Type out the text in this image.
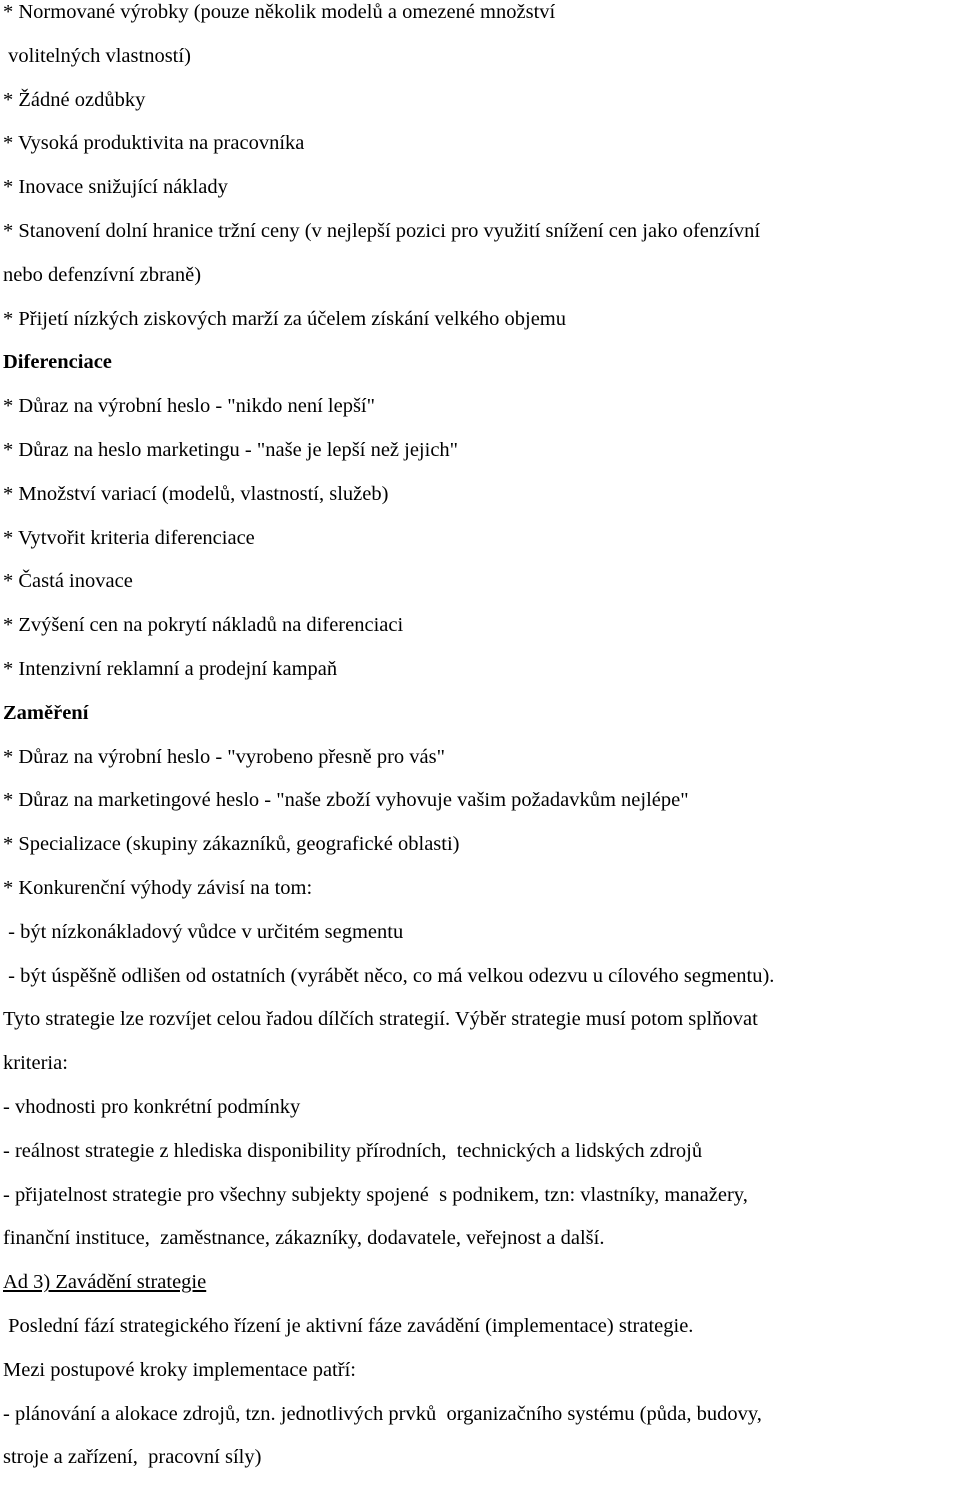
* Normované výrobky (pouze několik modelů a omezené množství
volitelných vlastností)
* Žádné ozdůbky
* Vysoká produktivita na pracovníka
* Inovace snižující náklady
* Stanovení dolní hranice tržní ceny (v nejlepší pozici pro využití snížení cen jako ofenzívní
nebo defenzívní zbraně)
* Přijetí nízkých ziskových marží za účelem získání velkého objemu
Diferenciace
* Důraz na výrobní heslo - "nikdo není lepší"
* Důraz na heslo marketingu - "naše je lepší než jejich"
* Množství variací (modelů, vlastností, služeb)
* Vytvořit kriteria diferenciace
* Častá inovace
* Zvýšení cen na pokrytí nákladů na diferenciaci
* Intenzivní reklamní a prodejní kampaň
Zaměření
* Důraz na výrobní heslo - "vyrobeno přesně pro vás"
* Důraz na marketingové heslo - "naše zboží vyhovuje vašim požadavkům nejlépe"
* Specializace (skupiny zákazníků, geografické oblasti)
* Konkurenční výhody závisí na tom:
- být nízkonákladový vůdce v určitém segmentu
- být úspěšně odlišen od ostatních (vyrábět něco, co má velkou odezvu u cílového segmentu).
Tyto strategie lze rozvíjet celou řadou dílčích strategií. Výběr strategie musí potom splňovat
kriteria:
- vhodnosti pro konkrétní podmínky
- reálnost strategie z hlediska disponibility přírodních,  technických a lidských zdrojů
- přijatelnost strategie pro všechny subjekty spojené  s podnikem, tzn: vlastníky, manažery,
finanční instituce,  zaměstnance, zákazníky, dodavatele, veřejnost a další.
Ad 3) Zavádění strategie
Poslední fází strategického řízení je aktivní fáze zavádění (implementace) strategie.
Mezi postupové kroky implementace patří:
- plánování a alokace zdrojů, tzn. jednotlivých prvků  organizačního systému (půda, budovy,
stroje a zařízení,  pracovní síly)
